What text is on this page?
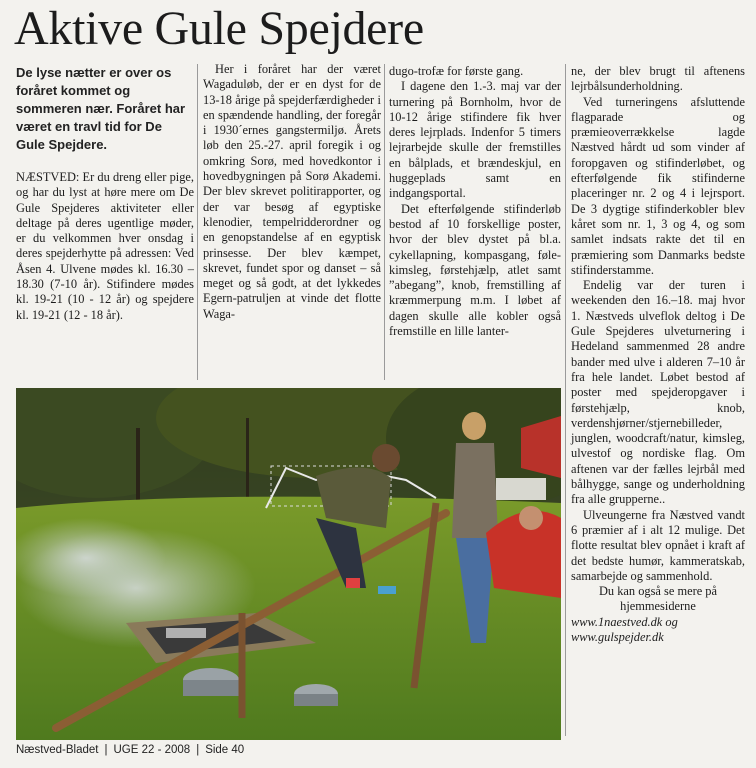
Aktive Gule Spejdere
De lyse nætter er over os foråret kommet og sommeren nær. Foråret har været en travl tid for De Gule Spejdere.

NÆSTVED: Er du dreng eller pige, og har du lyst at høre mere om De Gule Spejderes aktiviteter eller deltage på deres ugentlige møder, er du velkommen hver onsdag i deres spejderhytte på adressen: Ved Åsen 4. Ulvene mødes kl. 16.30 – 18.30 (7-10 år). Stifindere mødes kl. 19-21 (10 - 12 år) og spejdere kl. 19-21 (12 - 18 år).

Her i foråret har der været Wagaduløb, der er en dyst for de 13-18 årige på spejderfærdigheder i en spændende handling, der foregår i 1930´ernes gangstermiljø. Årets løb den 25.-27. april foregik i og omkring Sorø, med hovedkontor i hovedbygningen på Sorø Akademi. Der blev skrevet politirapporter, og der var besøg af egyptiske klenodier, tempelridderordner og en genopstandelse af en egyptisk prinsesse. Der blev kæmpet, skrevet, fundet spor og danset – så meget og så godt, at det lykkedes Egern-patruljen at vinde det flotte Waga-

dugo-trofæ for første gang.

I dagene den 1.-3. maj var der turnering på Bornholm, hvor de 10-12 årige stifindere fik hver deres lejrplads. Indenfor 5 timers lejrarbejde skulle der fremstilles en bålplads, et brændeskjul, en huggeplads samt en indgangsportal.

Det efterfølgende stifinderløb bestod af 10 forskellige poster, hvor der blev dystet på bl.a. cykellapning, kompasgang, føle-kimsleg, førstehjælp, atlet samt ”abegang”, knob, fremstilling af kræmmerpung m.m. I løbet af dagen skulle alle kobler også fremstille en lille lanter-

ne, der blev brugt til aftenens lejrbålsunderholdning.

Ved turneringens afsluttende flagparade og præmieoverrækkelse lagde Næstved hårdt ud som vinder af foropgaven og stifinderløbet, og efterfølgende fik stifinderne placeringer nr. 2 og 4 i lejrsport. De 3 dygtige stifinderkobler blev kåret som nr. 1, 3 og 4, og som samlet indsats rakte det til en præmiering som Danmarks bedste stifinderstamme.

Endelig var der turen i weekenden den 16.–18. maj hvor 1. Næstveds ulveflok deltog i De Gule Spejderes ulveturnering i Hedeland sammenmed 28 andre bander med ulve i alderen 7–10 år fra hele landet. Løbet bestod af poster med spejderopgaver i førstehjælp, knob, verdenshjørner/stjernebilleder, junglen, woodcraft/natur, kimsleg, ulvestof og nordiske flag. Om aftenen var der fælles lejrbål med bålhygge, sange og underholdning fra alle grupperne..

Ulveungerne fra Næstved vandt 6 præmier af i alt 12 mulige. Det flotte resultat blev opnået i kraft af det bedste humør, kammeratskab, samarbejde og sammenhold.

Du kan også se mere på hjemmesiderne

www.1naestved.dk og

www.gulspejder.dk

Næstved-Bladet | UGE 22 - 2008 | Side 40
